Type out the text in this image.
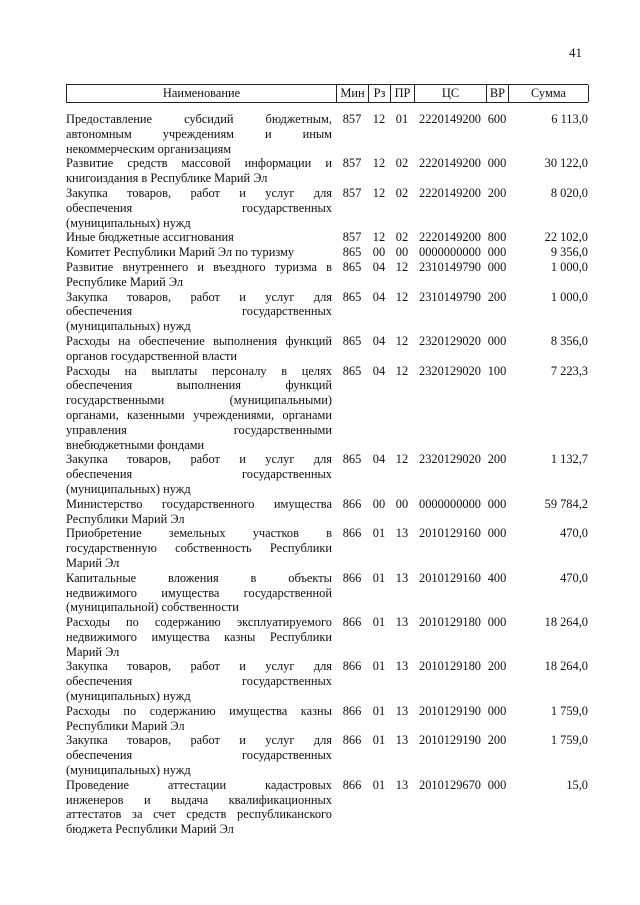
41
Наименование	Мин Рз ПР	ЦС	ВР	Сумма
Предоставление субсидий бюджетным,
автономным учреждениям и иным
некоммерческим организациям
857 12 01 2220149200 600	6 113,0
Развитие средств массовой информации и
книгоиздания в Республике Марий Эл
857 12 02 2220149200 000	30 122,0
Закупка товаров, работ и услуг для
обеспечения государственных
(муниципальных) нужд
857 12 02 2220149200 200	8 020,0
Иные бюджетные ассигнования	857 12 02 2220149200 800	22 102,0
Комитет Республики Марий Эл по туризму	865 00 00 0000000000 000	9 356,0
Развитие внутреннего и въездного туризма в
Республике Марий Эл
865 04 12 2310149790 000	1 000,0
Закупка товаров, работ и услуг для
обеспечения государственных
(муниципальных) нужд
865 04 12 2310149790 200	1 000,0
Расходы на обеспечение выполнения функций
органов государственной власти
865 04 12 2320129020 000	8 356,0
Расходы на выплаты персоналу в целях
обеспечения выполнения функций
государственными (муниципальными)
органами, казенными учреждениями, органами
управления государственными
внебюджетными фондами
865 04 12 2320129020 100	7 223,3
Закупка товаров, работ и услуг для
обеспечения государственных
(муниципальных) нужд
865 04 12 2320129020 200	1 132,7
Министерство государственного имущества
Республики Марий Эл
866 00 00 0000000000 000	59 784,2
Приобретение земельных участков в
государственную собственность Республики
Марий Эл
866 01 13 2010129160 000	470,0
Капитальные вложения в объекты
недвижимого имущества государственной
(муниципальной) собственности
866 01 13 2010129160 400	470,0
Расходы по содержанию эксплуатируемого
недвижимого имущества казны Республики
Марий Эл
866 01 13 2010129180 000	18 264,0
Закупка товаров, работ и услуг для
обеспечения государственных
(муниципальных) нужд
866 01 13 2010129180 200	18 264,0
Расходы по содержанию имущества казны
Республики Марий Эл
866 01 13 2010129190 000	1 759,0
Закупка товаров, работ и услуг для
обеспечения государственных
(муниципальных) нужд
866 01 13 2010129190 200	1 759,0
Проведение аттестации кадастровых
инженеров и выдача квалификационных
аттестатов за счет средств республиканского
бюджета Республики Марий Эл
866 01 13 2010129670 000	15,0
